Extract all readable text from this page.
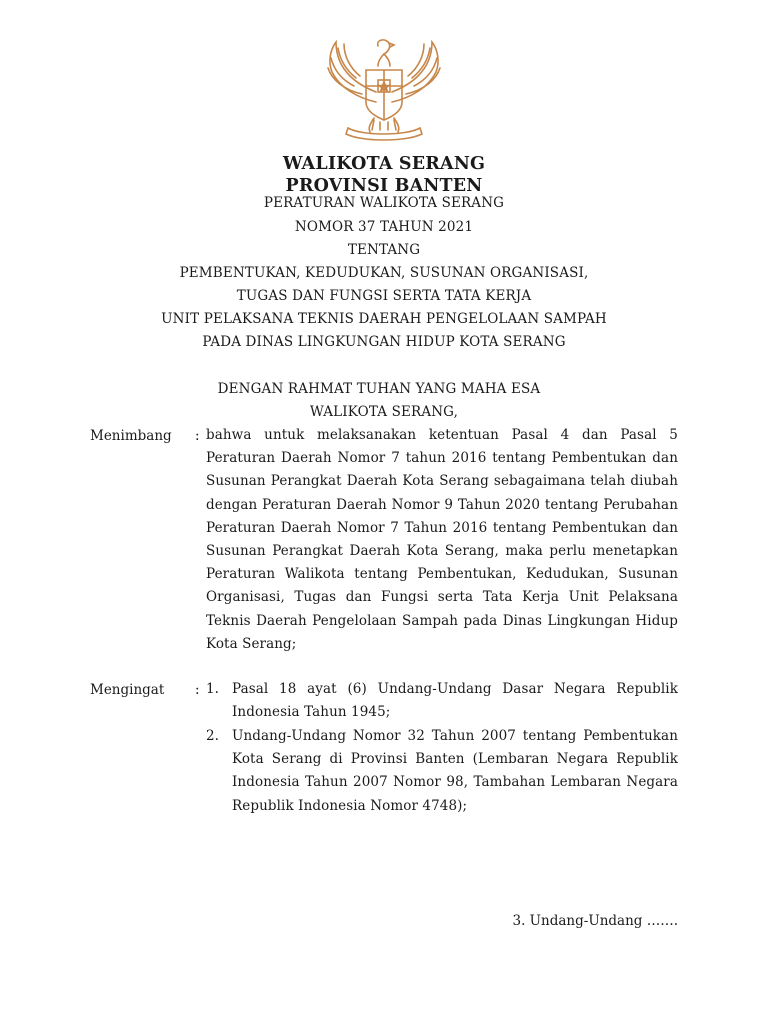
WALIKOTA SERANG
PROVINSI BANTEN
PERATURAN WALIKOTA SERANG
NOMOR 37 TAHUN 2021
TENTANG
PEMBENTUKAN, KEDUDUKAN, SUSUNAN ORGANISASI,
TUGAS DAN FUNGSI SERTA TATA KERJA
UNIT PELAKSANA TEKNIS DAERAH PENGELOLAAN SAMPAH
PADA DINAS LINGKUNGAN HIDUP KOTA SERANG
DENGAN RAHMAT TUHAN YANG MAHA ESA
WALIKOTA SERANG,
Menimbang : bahwa untuk melaksanakan ketentuan Pasal 4 dan Pasal 5 Peraturan Daerah Nomor 7 tahun 2016 tentang Pembentukan dan Susunan Perangkat Daerah Kota Serang sebagaimana telah diubah dengan Peraturan Daerah Nomor 9 Tahun 2020 tentang Perubahan Peraturan Daerah Nomor 7 Tahun 2016 tentang Pembentukan dan Susunan Perangkat Daerah Kota Serang, maka perlu menetapkan Peraturan Walikota tentang Pembentukan, Kedudukan, Susunan Organisasi, Tugas dan Fungsi serta Tata Kerja Unit Pelaksana Teknis Daerah Pengelolaan Sampah pada Dinas Lingkungan Hidup Kota Serang;
Mengingat : 1. Pasal 18 ayat (6) Undang-Undang Dasar Negara Republik Indonesia Tahun 1945;
2. Undang-Undang Nomor 32 Tahun 2007 tentang Pembentukan Kota Serang di Provinsi Banten (Lembaran Negara Republik Indonesia Tahun 2007 Nomor 98, Tambahan Lembaran Negara Republik Indonesia Nomor 4748);
3. Undang-Undang …….
